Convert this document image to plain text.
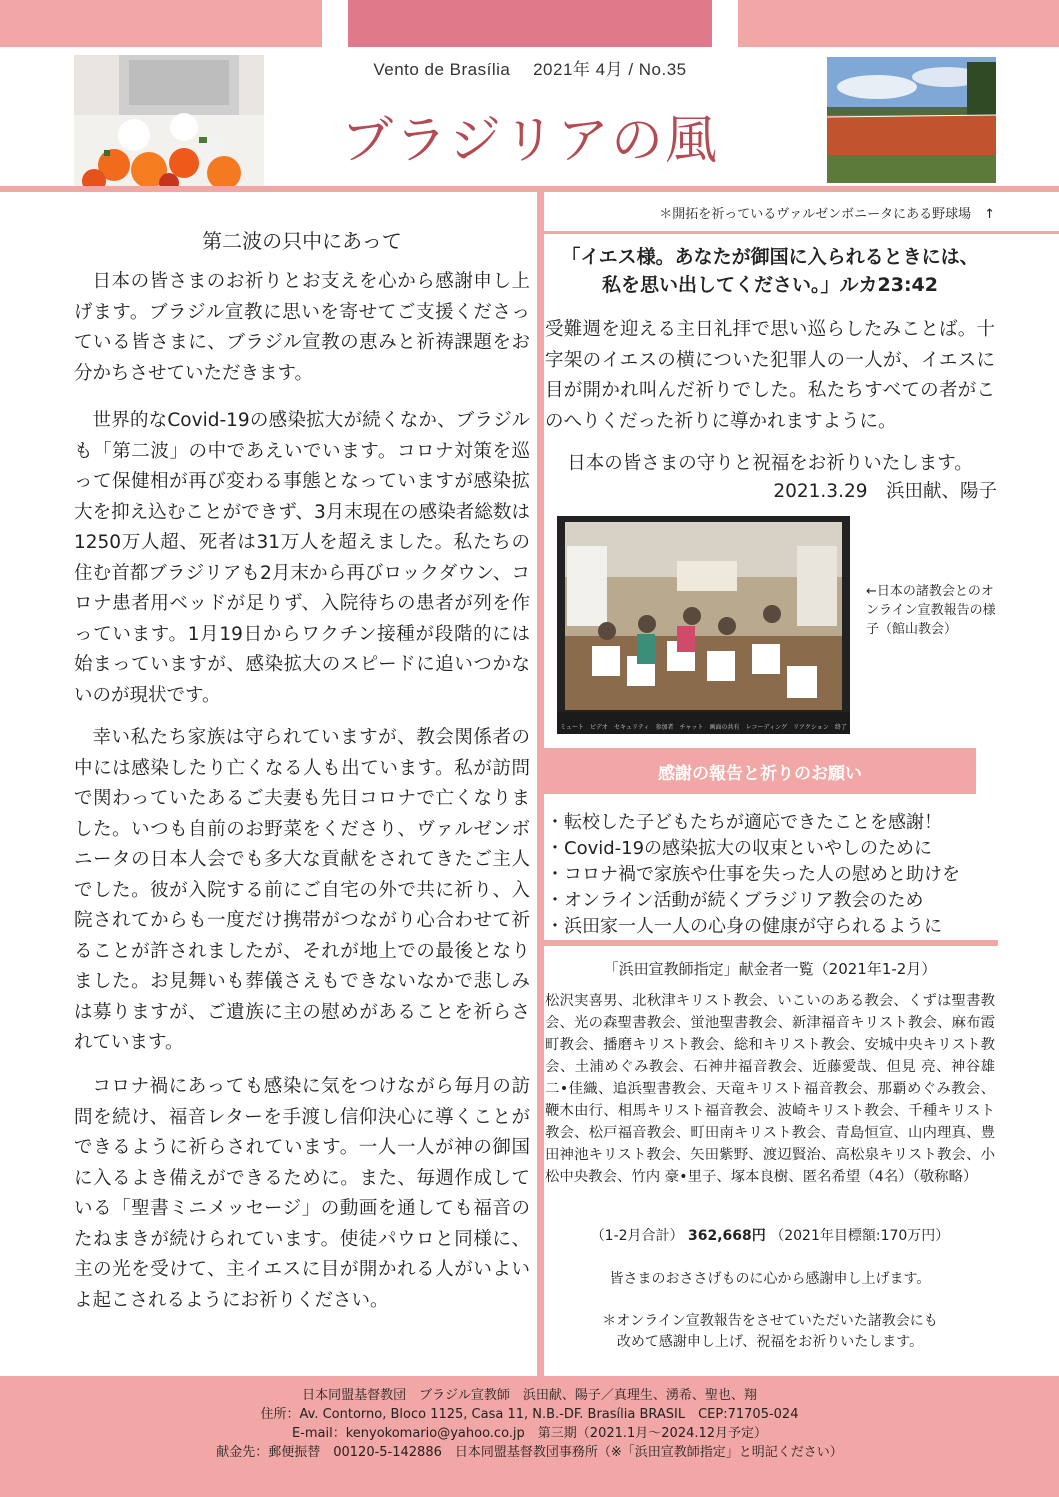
Vento de Brasília　 2021年 4月 / No.35
ブラジリアの風
第二波の只中にあって

日本の皆さまのお祈りとお支えを心から感謝申し上げます。ブラジル宣教に思いを寄せてご支援くださっている皆さまに、ブラジル宣教の恵みと祈祷課題をお分かちさせていただきます。

世界的なCovid-19の感染拡大が続くなか、ブラジルも「第二波」の中であえいでいます。コロナ対策を巡って保健相が再び変わる事態となっていますが感染拡大を抑え込むことができず、3月末現在の感染者総数は1250万人超、死者は31万人を超えました。私たちの住む首都ブラジリアも2月末から再びロックダウン、コロナ患者用ベッドが足りず、入院待ちの患者が列を作っています。1月19日からワクチン接種が段階的には始まっていますが、感染拡大のスピードに追いつかないのが現状です。

幸い私たち家族は守られていますが、教会関係者の中には感染したり亡くなる人も出ています。私が訪問で関わっていたあるご夫妻も先日コロナで亡くなりました。いつも自前のお野菜をくださり、ヴァルゼンボニータの日本人会でも多大な貢献をされてきたご主人でした。彼が入院する前にご自宅の外で共に祈り、入院されてからも一度だけ携帯がつながり心合わせて祈ることが許されましたが、それが地上での最後となりました。お見舞いも葬儀さえもできないなかで悲しみは募りますが、ご遺族に主の慰めがあることを祈らされています。

コロナ禍にあっても感染に気をつけながら毎月の訪問を続け、福音レターを手渡し信仰決心に導くことができるように祈らされています。一人一人が神の御国に入るよき備えができるために。また、毎週作成している「聖書ミニメッセージ」の動画を通しても福音のたねまきが続けられています。使徒パウロと同様に、主の光を受けて、主イエスに目が開かれる人がいよいよ起こされるようにお祈りください。

＊開拓を祈っているヴァルゼンボニータにある野球場　↑
「イエス様。あなたが御国に入られるときには、
私を思い出してください。」ルカ23:42

受難週を迎える主日礼拝で思い巡らしたみことば。十字架のイエスの横についた犯罪人の一人が、イエスに目が開かれ叫んだ祈りでした。私たちすべての者がこのへりくだった祈りに導かれますように。

日本の皆さまの守りと祝福をお祈りいたします。
2021.3.29　浜田献、陽子
ミュート ビデオ セキュリティ 参加者 チャット 画面の共有 レコーディング リアクション 終了
←日本の諸教会とのオンライン宣教報告の様子（館山教会）
感謝の報告と祈りのお願い
・転校した子どもたちが適応できたことを感謝！
・Covid-19の感染拡大の収束といやしのために
・コロナ禍で家族や仕事を失った人の慰めと助けを
・オンライン活動が続くブラジリア教会のため
・浜田家一人一人の心身の健康が守られるように
「浜田宣教師指定」献金者一覧（2021年1-2月）

松沢実喜男、北秋津キリスト教会、いこいのある教会、くずは聖書教会、光の森聖書教会、蛍池聖書教会、新津福音キリスト教会、麻布霞町教会、播磨キリスト教会、総和キリスト教会、安城中央キリスト教会、土浦めぐみ教会、石神井福音教会、近藤愛哉、但見 亮、神谷雄二•佳織、追浜聖書教会、天竜キリスト福音教会、那覇めぐみ教会、鞭木由行、相馬キリスト福音教会、波崎キリスト教会、千種キリスト教会、松戸福音教会、町田南キリスト教会、青島恒宣、山内理真、豊田神池キリスト教会、矢田紫野、渡辺賢治、高松泉キリスト教会、小松中央教会、竹内 豪•里子、塚本良樹、匿名希望（4名）（敬称略）

（1-2月合計） 362,668円 （2021年目標額:170万円）
皆さまのおささげものに心から感謝申し上げます。
＊オンライン宣教報告をさせていただいた諸教会にも
改めて感謝申し上げ、祝福をお祈りいたします。
日本同盟基督教団　ブラジル宣教師　浜田献、陽子／真理生、湧希、聖也、翔
住所：Av. Contorno, Bloco 1125, Casa 11, N.B.-DF. Brasília BRASIL　CEP:71705-024
E-mail：kenyokomario@yahoo.co.jp　第三期（2021.1月〜2024.12月予定）
献金先：郵便振替　00120-5-142886　日本同盟基督教団事務所（※「浜田宣教師指定」と明記ください）
